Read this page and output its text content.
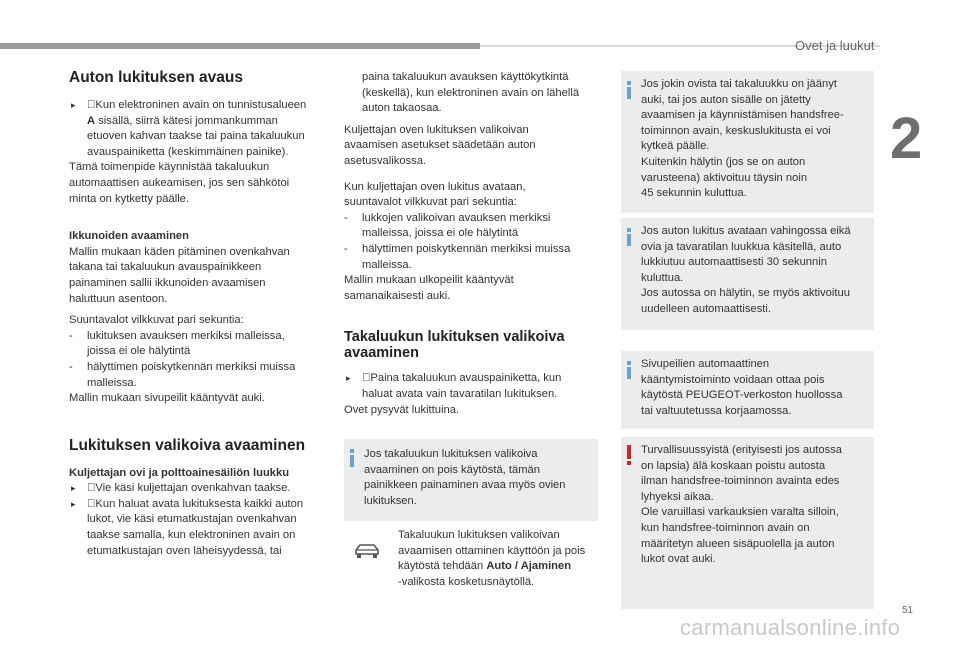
Ovet ja luukut
2
51
carmanualsonline.info

Auton lukituksen avaus

▸ Kun elektroninen avain on tunnistusalueen
A sisällä, siirrä kätesi jommankumman
etuoven kahvan taakse tai paina takaluukun
avauspainiketta (keskimmäinen painike).

Tämä toimenpide käynnistää takaluukun
automaattisen aukeamisen, jos sen sähkötoi
minta on kytketty päälle.

Ikkunoiden avaaminen

Mallin mukaan käden pitäminen ovenkahvan
takana tai takaluukun avauspainikkeen
painaminen sallii ikkunoiden avaamisen
haluttuun asentoon.

Suuntavalot vilkkuvat pari sekuntia:

- lukituksen avauksen merkiksi malleissa,
joissa ei ole hälytintä

- hälyttimen poiskytkennän merkiksi muissa
malleissa.

Mallin mukaan sivupeilit kääntyvät auki.

Lukituksen valikoiva avaaminen

Kuljettajan ovi ja polttoainesäiliön luukku

▸ Vie käsi kuljettajan ovenkahvan taakse.

▸ Kun haluat avata lukituksesta kaikki auton
lukot, vie käsi etumatkustajan ovenkahvan
taakse samalla, kun elektroninen avain on
etumatkustajan oven läheisyydessä, tai

paina takaluukun avauksen käyttökytkintä
(keskellä), kun elektroninen avain on lähellä
auton takaosaa.

Kuljettajan oven lukituksen valikoivan
avaamisen asetukset säädetään auton
asetusvalikossa.

Kun kuljettajan oven lukitus avataan,
suuntavalot vilkkuvat pari sekuntia:

- lukkojen valikoivan avauksen merkiksi
malleissa, joissa ei ole hälytintä

- hälyttimen poiskytkennän merkiksi muissa
malleissa.

Mallin mukaan ulkopeilit kääntyvät
samanaikaisesti auki.

Takaluukun lukituksen valikoiva
avaaminen

▸ Paina takaluukun avauspainiketta, kun
haluat avata vain tavaratilan lukituksen.

Ovet pysyvät lukittuina.

Jos takaluukun lukituksen valikoiva
avaaminen on pois käytöstä, tämän
painikkeen painaminen avaa myös ovien
lukituksen.

Takaluukun lukituksen valikoivan
avaamisen ottaminen käyttöön ja pois
käytöstä tehdään Auto / Ajaminen
-valikosta kosketusnäytöllä.

Jos jokin ovista tai takaluukku on jäänyt
auki, tai jos auton sisälle on jätetty
avaamisen ja käynnistämisen handsfree-
toiminnon avain, keskuslukitusta ei voi
kytkeä päälle.
Kuitenkin hälytin (jos se on auton
varusteena) aktivoituu täysin noin
45 sekunnin kuluttua.

Jos auton lukitus avataan vahingossa eikä
ovia ja tavaratilan luukkua käsitellä, auto
lukkiutuu automaattisesti 30 sekunnin
kuluttua.
Jos autossa on hälytin, se myös aktivoituu
uudelleen automaattisesti.

Sivupeilien automaattinen
kääntymistoiminto voidaan ottaa pois
käytöstä PEUGEOT-verkoston huollossa
tai valtuutetussa korjaamossa.

Turvallisuussyistä (erityisesti jos autossa
on lapsia) älä koskaan poistu autosta
ilman handsfree-toiminnon avainta edes
lyhyeksi aikaa.
Ole varuillasi varkauksien varalta silloin,
kun handsfree-toiminnon avain on
määritetyn alueen sisäpuolella ja auton
lukot ovat auki.
